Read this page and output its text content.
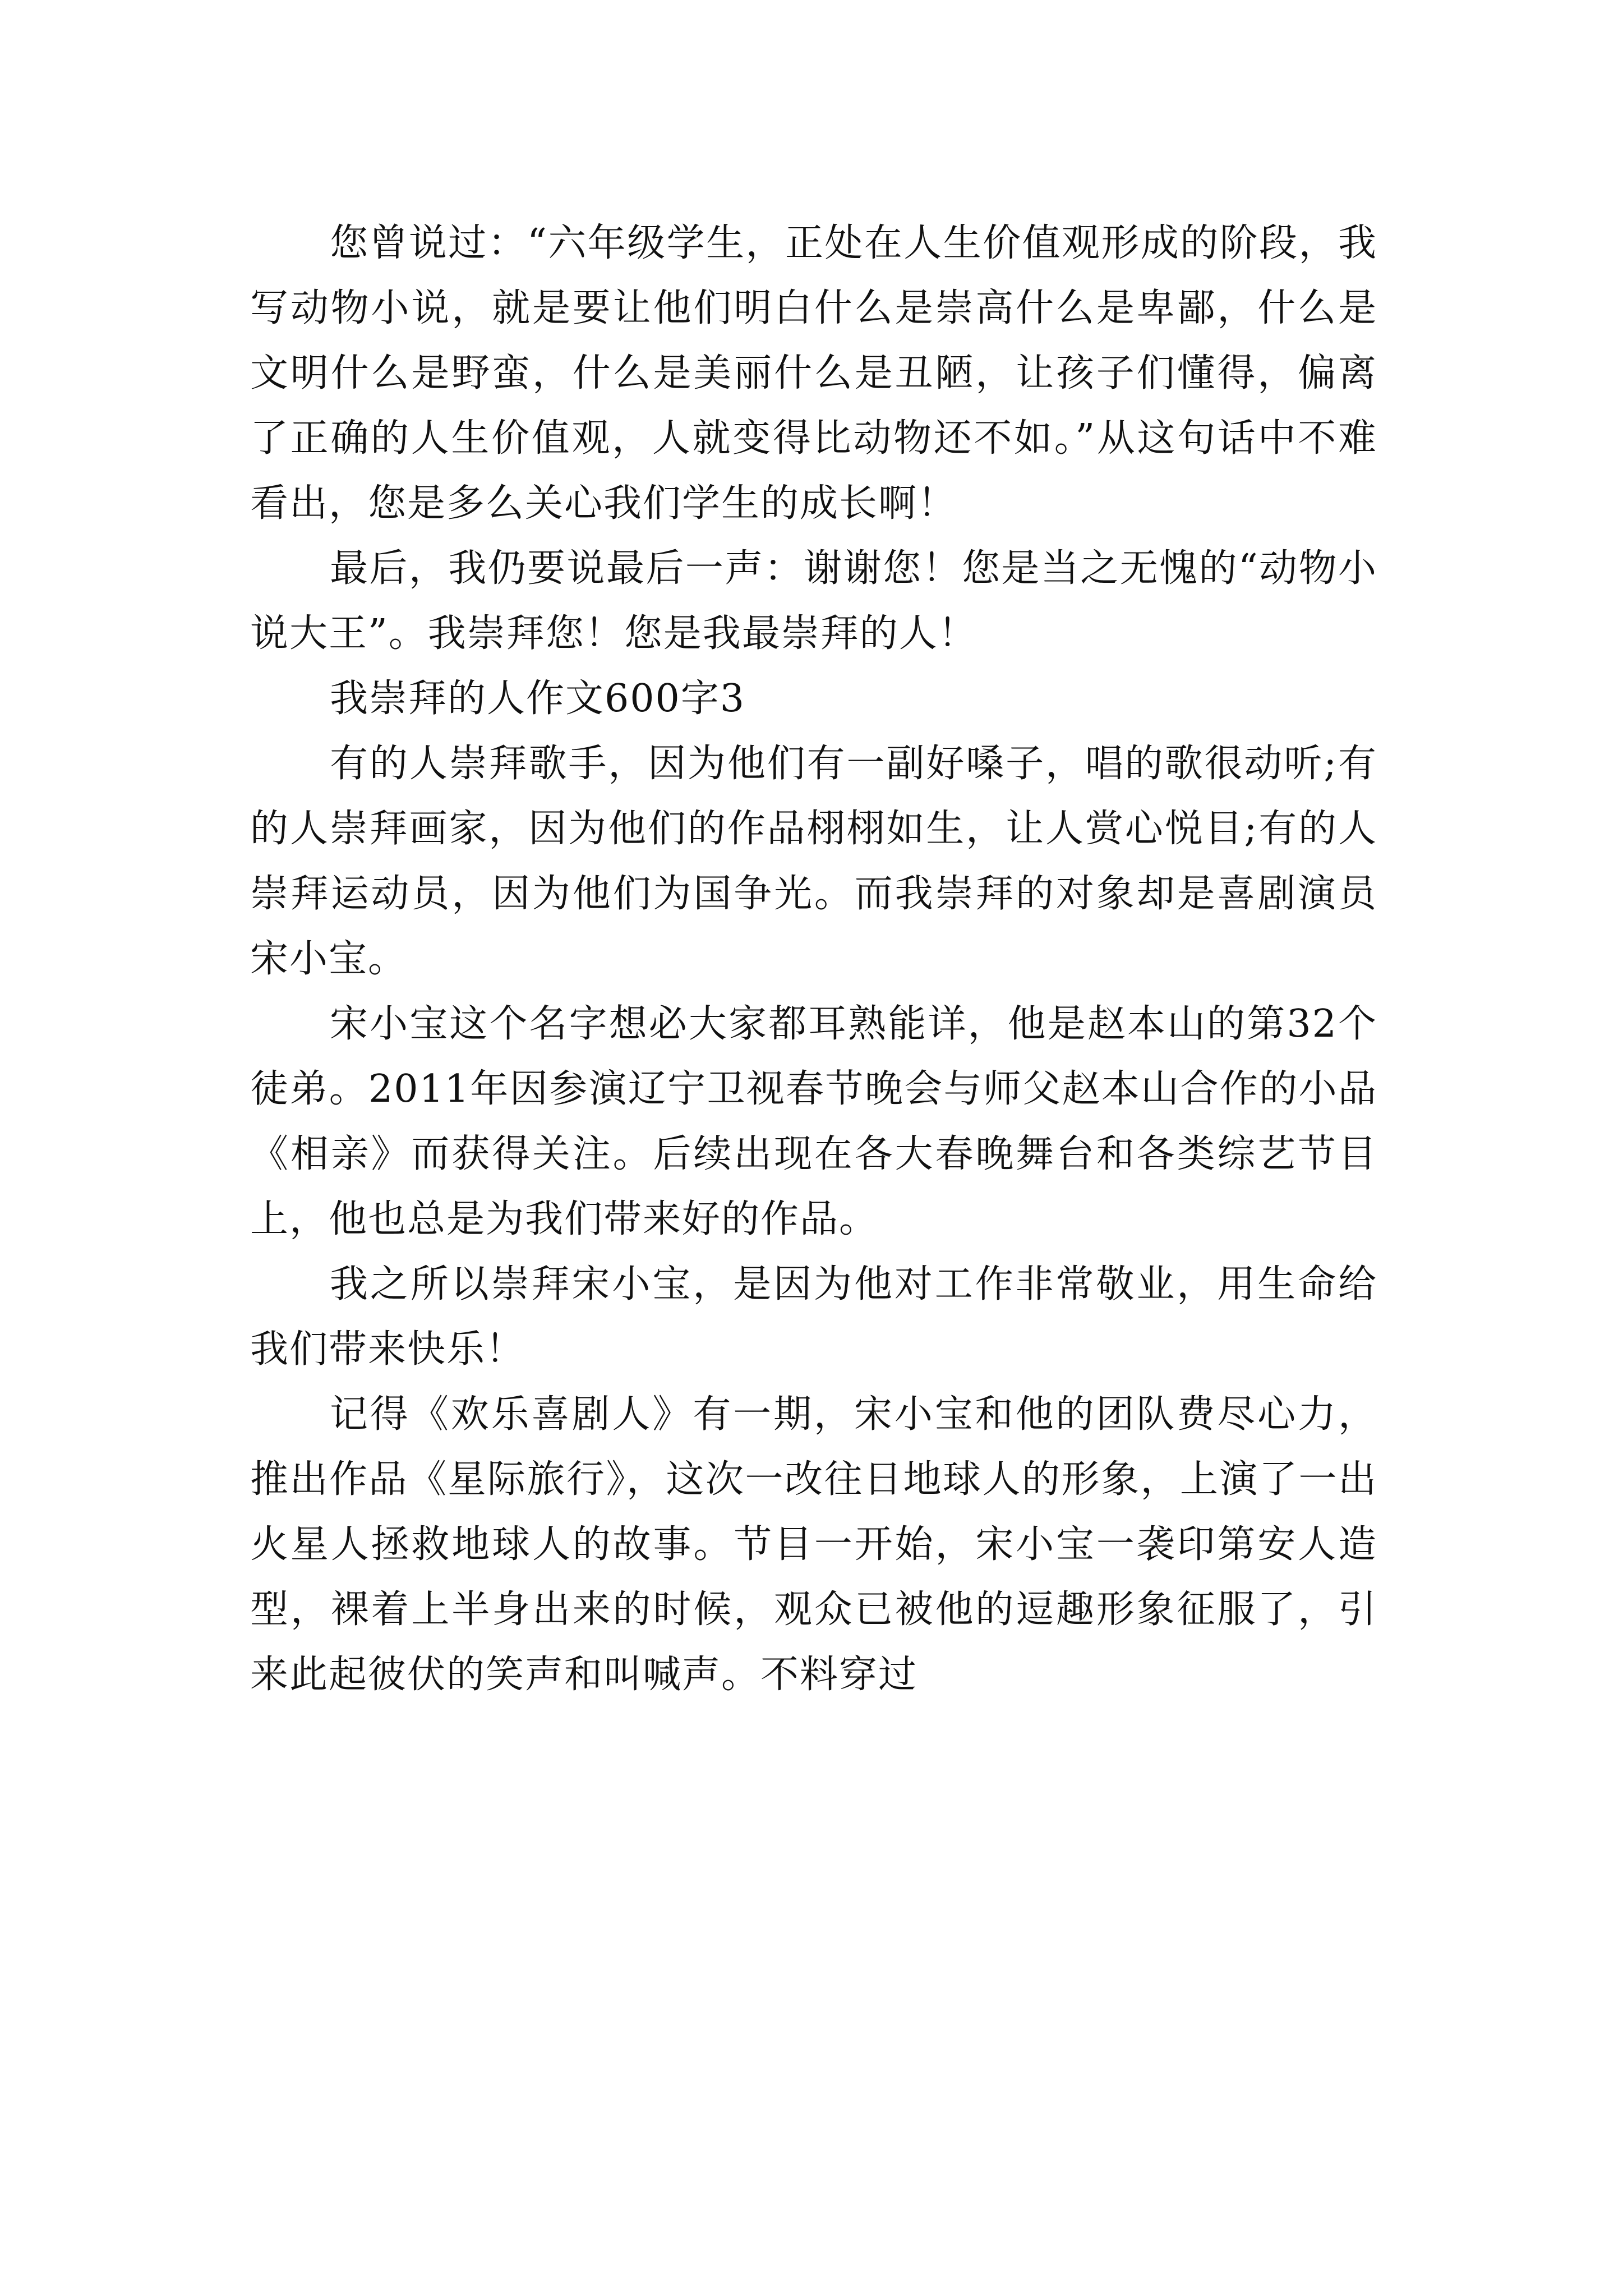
您曾说过：“六年级学生，正处在人生价值观形成的阶段，我写动物小说，就是要让他们明白什么是崇高什么是卑鄙，什么是文明什么是野蛮，什么是美丽什么是丑陋，让孩子们懂得，偏离了正确的人生价值观，人就变得比动物还不如。”从这句话中不难看出，您是多么关心我们学生的成长啊！

最后，我仍要说最后一声：谢谢您！您是当之无愧的“动物小说大王”。我崇拜您！您是我最崇拜的人！

我崇拜的人作文600字3

有的人崇拜歌手，因为他们有一副好嗓子，唱的歌很动听;有的人崇拜画家，因为他们的作品栩栩如生，让人赏心悦目;有的人崇拜运动员，因为他们为国争光。而我崇拜的对象却是喜剧演员宋小宝。

宋小宝这个名字想必大家都耳熟能详，他是赵本山的第32个徒弟。2011年因参演辽宁卫视春节晚会与师父赵本山合作的小品《相亲》而获得关注。后续出现在各大春晚舞台和各类综艺节目上，他也总是为我们带来好的作品。

我之所以崇拜宋小宝，是因为他对工作非常敬业，用生命给我们带来快乐！

记得《欢乐喜剧人》有一期，宋小宝和他的团队费尽心力，推出作品《星际旅行》，这次一改往日地球人的形象，上演了一出火星人拯救地球人的故事。节目一开始，宋小宝一袭印第安人造型，裸着上半身出来的时候，观众已被他的逗趣形象征服了，引来此起彼伏的笑声和叫喊声。不料穿过
